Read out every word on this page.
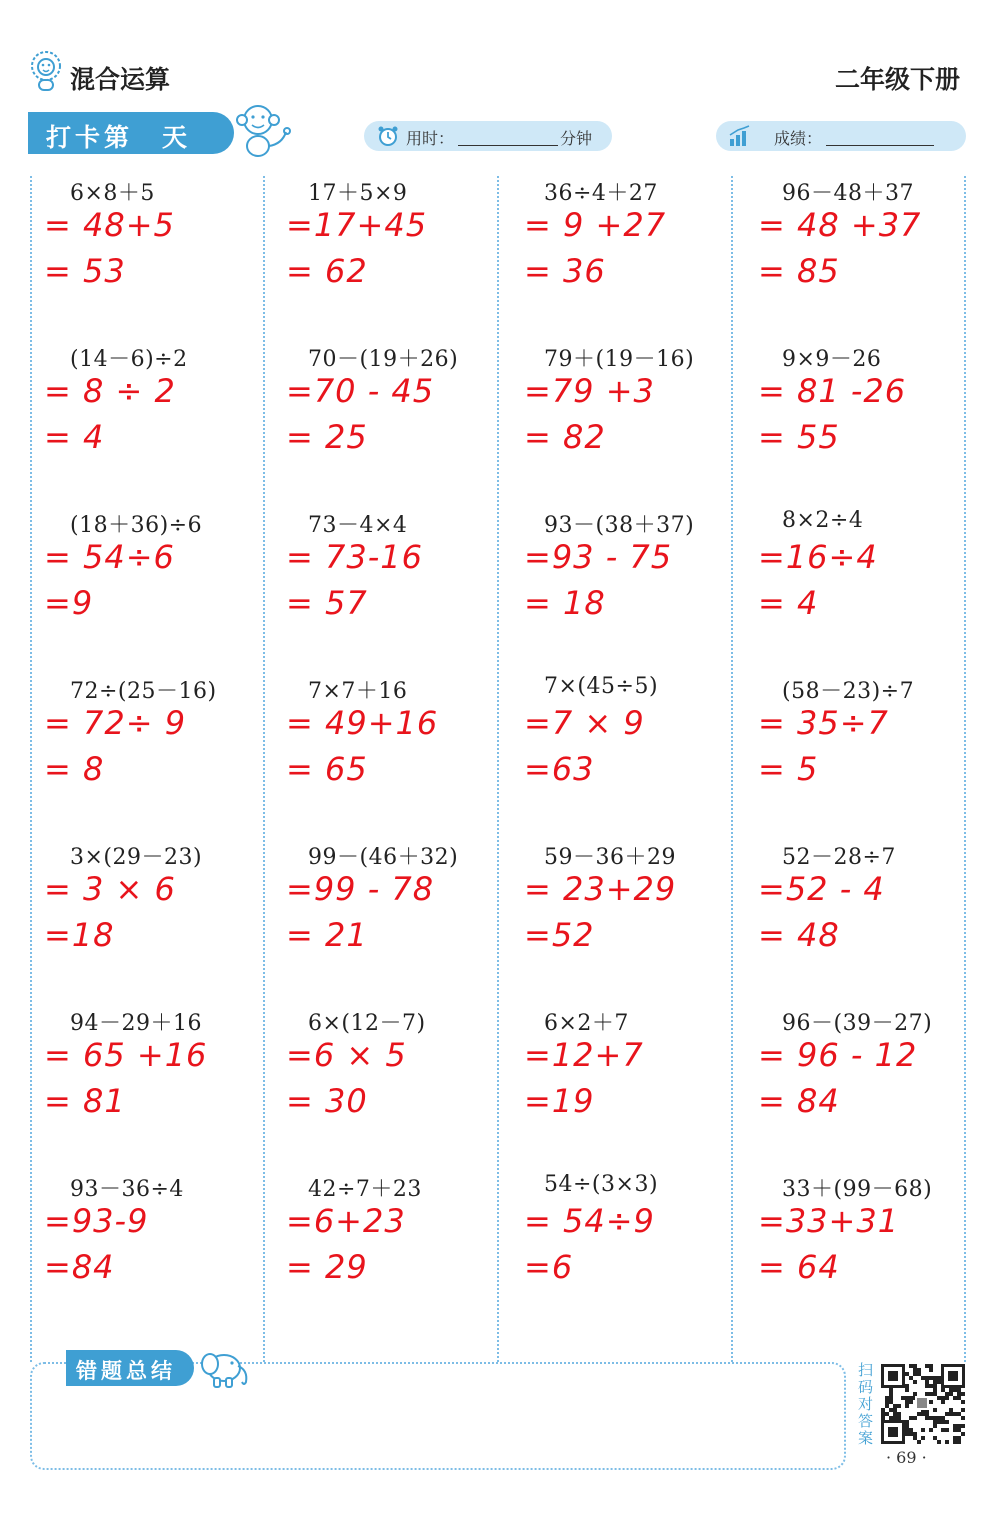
混合运算	二年级下册
打卡第　天	用时：	分钟	成绩：
6×8＋5
= 48+5
= 53
17＋5×9
=17+45
= 62
36÷4＋27
= 9 +27
= 36
96－48＋37
= 48 +37
= 85
(14－6)÷2
= 8 ÷ 2
= 4
70－(19＋26)
=70 - 45
= 25
79＋(19－16)
=79 +3
= 82
9×9－26
= 81 -26
= 55
(18＋36)÷6
= 54÷6
=9
73－4×4
= 73-16
= 57
93－(38＋37)
=93 - 75
= 18
8×2÷4
=16÷4
= 4
72÷(25－16)
= 72÷ 9
= 8
7×7＋16
= 49+16
= 65
7×(45÷5)
=7 × 9
=63
(58－23)÷7
= 35÷7
= 5
3×(29－23)
= 3 × 6
=18
99－(46＋32)
=99 - 78
= 21
59－36＋29
= 23+29
=52
52－28÷7
=52 - 4
= 48
94－29＋16
= 65 +16
= 81
6×(12－7)
=6 × 5
= 30
6×2＋7
=12+7
=19
96－(39－27)
= 96 - 12
= 84
93－36÷4
=93-9
=84
42÷7＋23
=6+23
= 29
54÷(3×3)
= 54÷9
=6
33＋(99－68)
=33+31
= 64
错题总结	扫码对答案
· 69 ·
